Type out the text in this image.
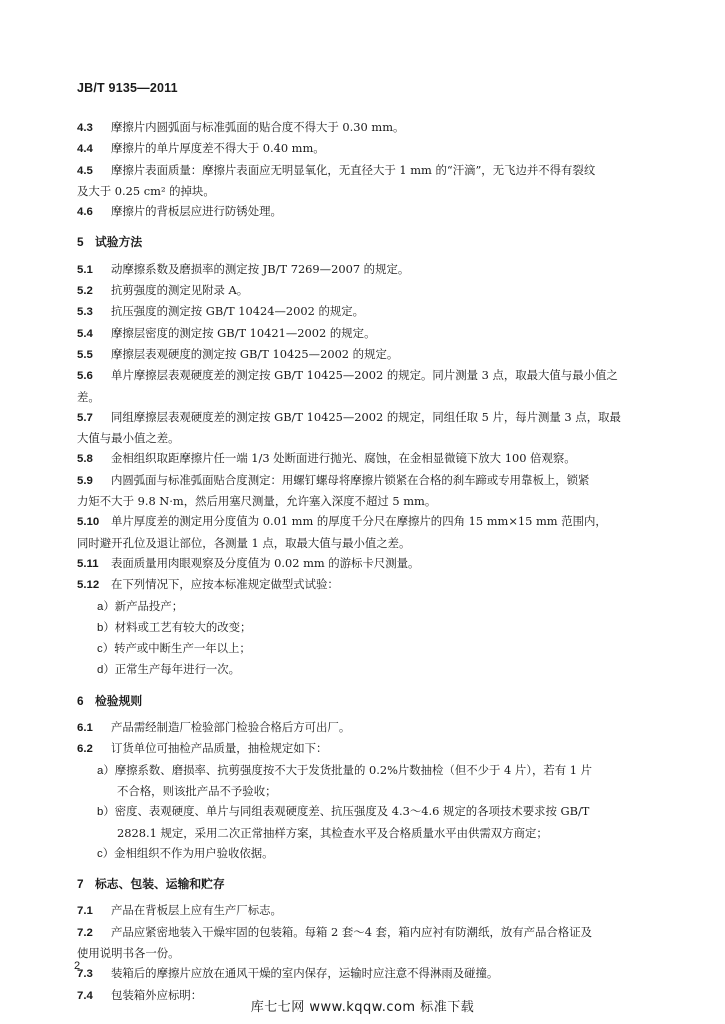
JB/T 9135—2011

4.3 摩擦片内圆弧面与标准弧面的贴合度不得大于 0.30 mm。

4.4 摩擦片的单片厚度差不得大于 0.40 mm。

4.5 摩擦片表面质量：摩擦片表面应无明显氧化，无直径大于 1 mm 的“汗滴”，无飞边并不得有裂纹

及大于 0.25 cm² 的掉块。

4.6 摩擦片的背板层应进行防锈处理。

5 试验方法

5.1 动摩擦系数及磨损率的测定按 JB/T 7269—2007 的规定。

5.2 抗剪强度的测定见附录 A。

5.3 抗压强度的测定按 GB/T 10424—2002 的规定。

5.4 摩擦层密度的测定按 GB/T 10421—2002 的规定。

5.5 摩擦层表观硬度的测定按 GB/T 10425—2002 的规定。

5.6 单片摩擦层表观硬度差的测定按 GB/T 10425—2002 的规定。同片测量 3 点，取最大值与最小值之

差。

5.7 同组摩擦层表观硬度差的测定按 GB/T 10425—2002 的规定，同组任取 5 片，每片测量 3 点，取最

大值与最小值之差。

5.8 金相组织取距摩擦片任一端 1/3 处断面进行抛光、腐蚀，在金相显微镜下放大 100 倍观察。

5.9 内圆弧面与标准弧面贴合度测定：用螺钉螺母将摩擦片锁紧在合格的刹车蹄或专用靠板上，锁紧

力矩不大于 9.8 N·m，然后用塞尺测量，允许塞入深度不超过 5 mm。

5.10 单片厚度差的测定用分度值为 0.01 mm 的厚度千分尺在摩擦片的四角 15 mm×15 mm 范围内，

同时避开孔位及退让部位，各测量 1 点，取最大值与最小值之差。

5.11 表面质量用肉眼观察及分度值为 0.02 mm 的游标卡尺测量。

5.12 在下列情况下，应按本标准规定做型式试验：

a）新产品投产；

b）材料或工艺有较大的改变；

c）转产或中断生产一年以上；

d）正常生产每年进行一次。

6 检验规则

6.1 产品需经制造厂检验部门检验合格后方可出厂。

6.2 订货单位可抽检产品质量，抽检规定如下：

a）摩擦系数、磨损率、抗剪强度按不大于发货批量的 0.2%片数抽检（但不少于 4 片），若有 1 片

不合格，则该批产品不予验收；

b）密度、表观硬度、单片与同组表观硬度差、抗压强度及 4.3～4.6 规定的各项技术要求按 GB/T

2828.1 规定，采用二次正常抽样方案，其检查水平及合格质量水平由供需双方商定；

c）金相组织不作为用户验收依据。

7 标志、包装、运输和贮存

7.1 产品在背板层上应有生产厂标志。

7.2 产品应紧密地装入干燥牢固的包装箱。每箱 2 套～4 套，箱内应衬有防潮纸，放有产品合格证及

使用说明书各一份。

7.3 装箱后的摩擦片应放在通风干燥的室内保存，运输时应注意不得淋雨及碰撞。

7.4 包装箱外应标明：

2
库七七网 www.kqqw.com 标准下载
